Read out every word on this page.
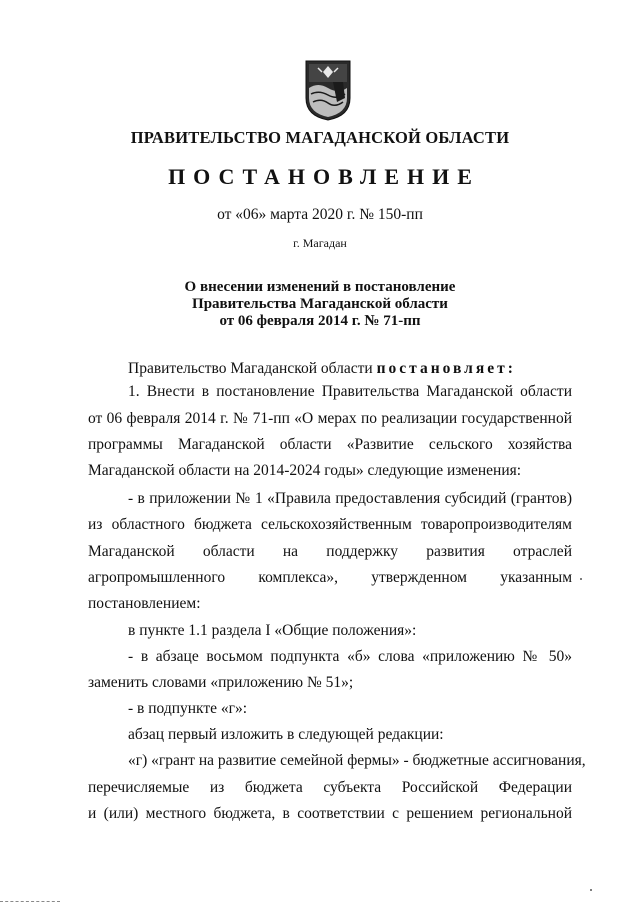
ПРАВИТЕЛЬСТВО МАГАДАНСКОЙ ОБЛАСТИ
ПОСТАНОВЛЕНИЕ
от «06» марта 2020 г. № 150-пп
г. Магадан
О внесении изменений в постановление
Правительства Магаданской области
от 06 февраля 2014 г. № 71-пп
Правительство Магаданской области постановляет:
1. Внести в постановление Правительства Магаданской области
от 06 февраля 2014 г. № 71-пп «О мерах по реализации государственной
программы Магаданской области «Развитие сельского хозяйства
Магаданской области на 2014-2024 годы» следующие изменения:
- в приложении № 1 «Правила предоставления субсидий (грантов)
из областного бюджета сельскохозяйственным товаропроизводителям
Магаданской области на поддержку развития отраслей
агропромышленного комплекса», утвержденном указанным
постановлением:
в пункте 1.1 раздела I «Общие положения»:
- в абзаце восьмом подпункта «б» слова «приложению № 50»
заменить словами «приложению № 51»;
- в подпункте «г»:
абзац первый изложить в следующей редакции:
«г) «грант на развитие семейной фермы» - бюджетные ассигнования,
перечисляемые из бюджета субъекта Российской Федерации
и (или) местного бюджета, в соответствии с решением региональной
